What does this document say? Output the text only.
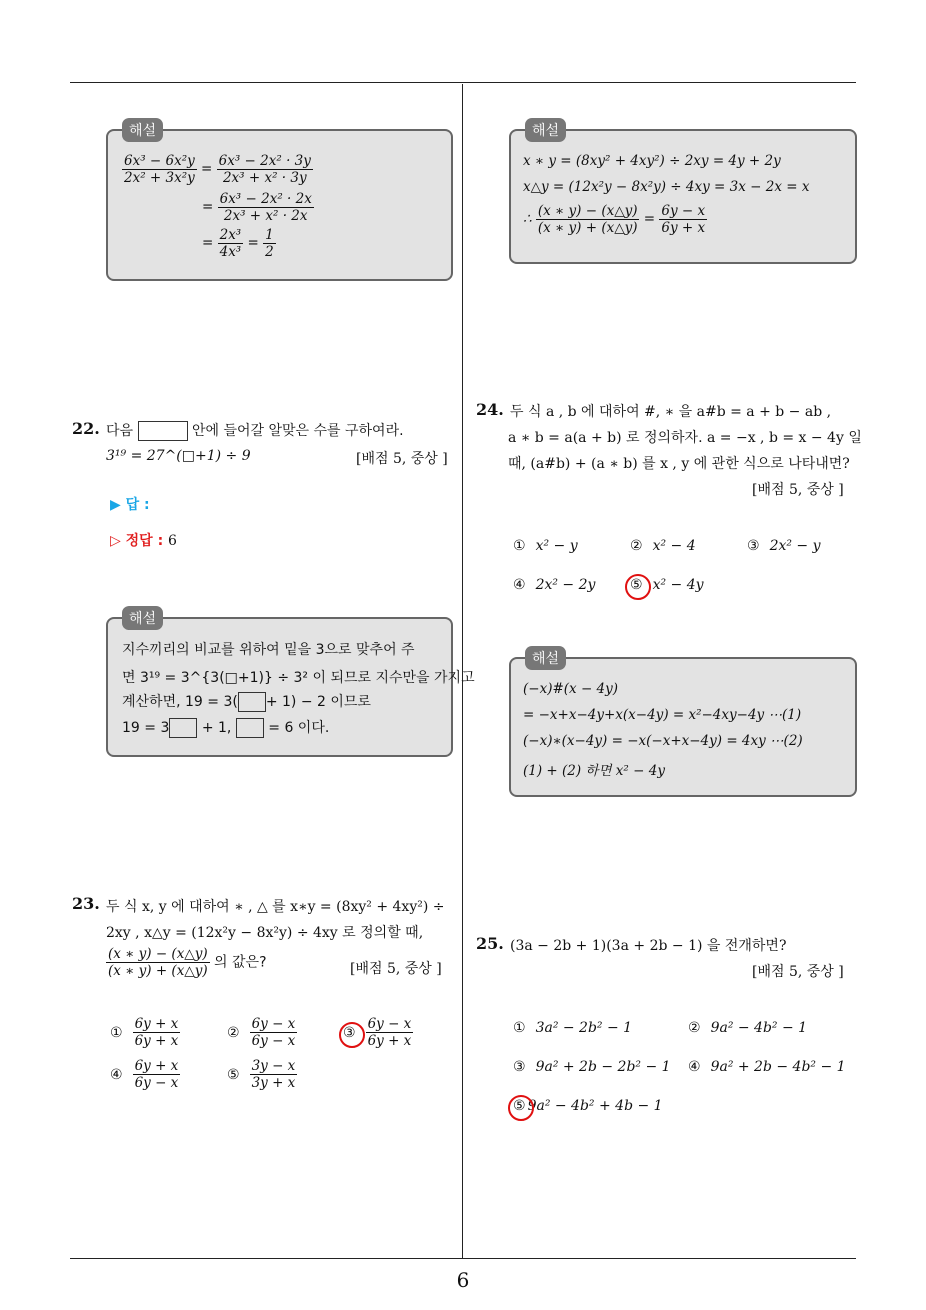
6
해설
$\frac{\text{6x³ − 6x²y}}{\text{2x² + 3x²y}} = \frac{\text{6x³ − 2x² · 3y}}{\text{2x³ + x² · 3y}}$
= $\frac{\text{6x³ − 2x² · 2x}}{\text{2x³ + x² · 2x}}$
= $\frac{\text{2x³}}{\text{4x³}} = \frac{1}{2}$
22. 다음	안에 들어갈 알맞은 수를 구하여라.
3¹⁹ = 27^(□+1) ÷ 9	[배점 5, 중상 ]
▶ 답 :
▷ 정답 : 6
해설
지수끼리의 비교를 위하여 밑을 3으로 맞추어 주
면 3¹⁹ = 3^{3(□+1)} ÷ 3² 이 되므로 지수만을 가지고
계산하면, 19 = 3( + 1) − 2 이므로
19 = 3 + 1,	= 6 이다.
23. 두 식 x, y 에 대하여 ∗ , △ 를 x∗y = (8xy² + 4xy²) ÷
2xy , x△y = (12x²y − 8x²y) ÷ 4xy 로 정의할 때,
$\frac{(x ∗ y) - (x\triangle y)}{(x ∗ y) + (x\triangle y)}$ 의 값은?	[배점 5, 중상 ]
① $\frac{6y + x}{6y + x}$	② $\frac{6y - x}{6y - x}$	③ $\frac{6y - x}{6y + x}$
④ $\frac{6y + x}{6y - x}$	⑤ $\frac{3y - x}{3y + x}$
해설
x ∗ y = (8xy² + 4xy²) ÷ 2xy = 4y + 2y
x△y = (12x²y − 8x²y) ÷ 4xy = 3x − 2x = x
∴ $\frac{(x ∗ y) - (x\triangle y)}{(x ∗ y) + (x\triangle y)} = \frac{6y - x}{6y + x}$
24. 두 식 a , b 에 대하여 #, ∗ 을 a#b = a + b − ab ,
a ∗ b = a(a + b) 로 정의하자. a = −x , b = x − 4y 일
때, (a#b) + (a ∗ b) 를 x , y 에 관한 식으로 나타내면?
[배점 5, 중상 ]
① x² − y	② x² − 4	③ 2x² − y
④ 2x² − 2y ⑤ x² − 4y
해설
(−x)#(x − 4y)
= −x+x−4y+x(x−4y) = x²−4xy−4y ⋯(1)
(−x)∗(x−4y) = −x(−x+x−4y) = 4xy ⋯(2)
(1) + (2) 하면 x² − 4y
25. (3a − 2b + 1)(3a + 2b − 1) 을 전개하면?
[배점 5, 중상 ]
① 3a² − 2b² − 1	② 9a² − 4b² − 1
③ 9a² + 2b − 2b² − 1 ④ 9a² + 2b − 4b² − 1
⑤ 9a² − 4b² + 4b − 1
